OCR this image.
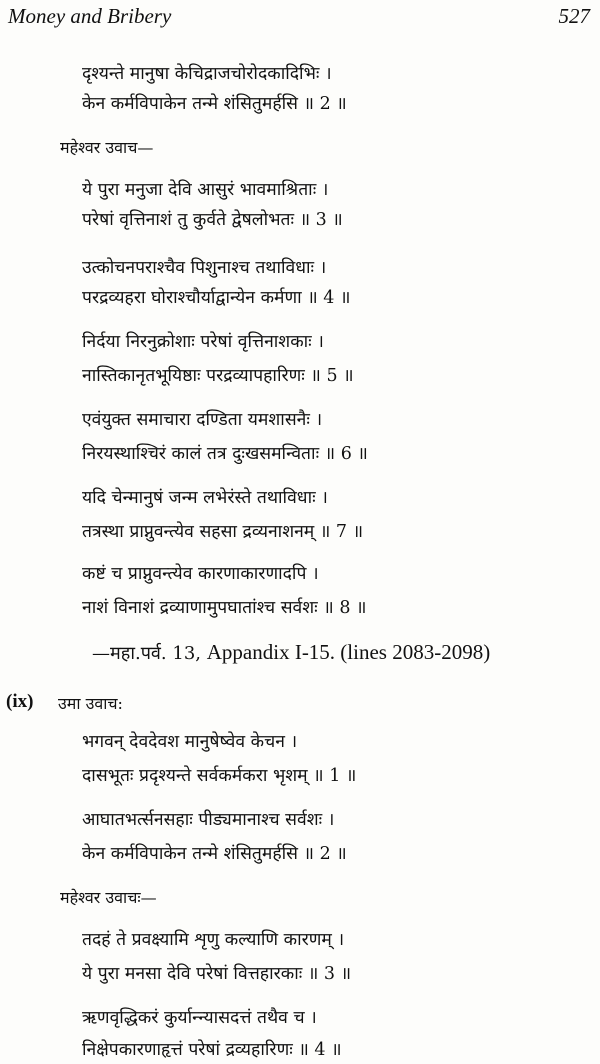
Money and Bribery	527
दृश्यन्ते मानुषा केचिद्राजचोरोदकादिभिः ।
केन कर्मविपाकेन तन्मे शंसितुमर्हसि ॥ 2 ॥
महेश्वर उवाच—
ये पुरा मनुजा देवि आसुरं भावमाश्रिताः ।
परेषां वृत्तिनाशं तु कुर्वते द्वेषलोभतः ॥ 3 ॥
उत्कोचनपराश्चैव पिशुनाश्च तथाविधाः ।
परद्रव्यहरा घोराश्चौर्याद्वान्येन कर्मणा ॥ 4 ॥
निर्दया निरनुक्रोशाः परेषां वृत्तिनाशकाः ।
नास्तिकानृतभूयिष्ठाः परद्रव्यापहारिणः ॥ 5 ॥
एवंयुक्त समाचारा दण्डिता यमशासनैः ।
निरयस्थाश्चिरं कालं तत्र दुःखसमन्विताः ॥ 6 ॥
यदि चेन्मानुषं जन्म लभेरंस्ते तथाविधाः ।
तत्रस्था प्राप्नुवन्त्येव सहसा द्रव्यनाशनम् ॥ 7 ॥
कष्टं च प्राप्नुवन्त्येव कारणाकारणादपि ।
नाशं विनाशं द्रव्याणामुपघातांश्च सर्वशः ॥ 8 ॥
—महा.पर्व. 13, Appandix I-15. (lines 2083-2098)
(ix) उमा उवाच:
भगवन् देवदेवश मानुषेष्वेव केचन ।
दासभूतः प्रदृश्यन्ते सर्वकर्मकरा भृशम् ॥ 1 ॥
आघातभर्त्सनसहाः पीड्यमानाश्च सर्वशः ।
केन कर्मविपाकेन तन्मे शंसितुमर्हसि ॥ 2 ॥
महेश्वर उवाचः—
तदहं ते प्रवक्ष्यामि शृणु कल्याणि कारणम् ।
ये पुरा मनसा देवि परेषां वित्तहारकाः ॥ 3 ॥
ऋणवृद्धिकरं कुर्यान्न्यासदत्तं तथैव च ।
निक्षेपकारणाहृत्तं परेषां द्रव्यहारिणः ॥ 4 ॥
